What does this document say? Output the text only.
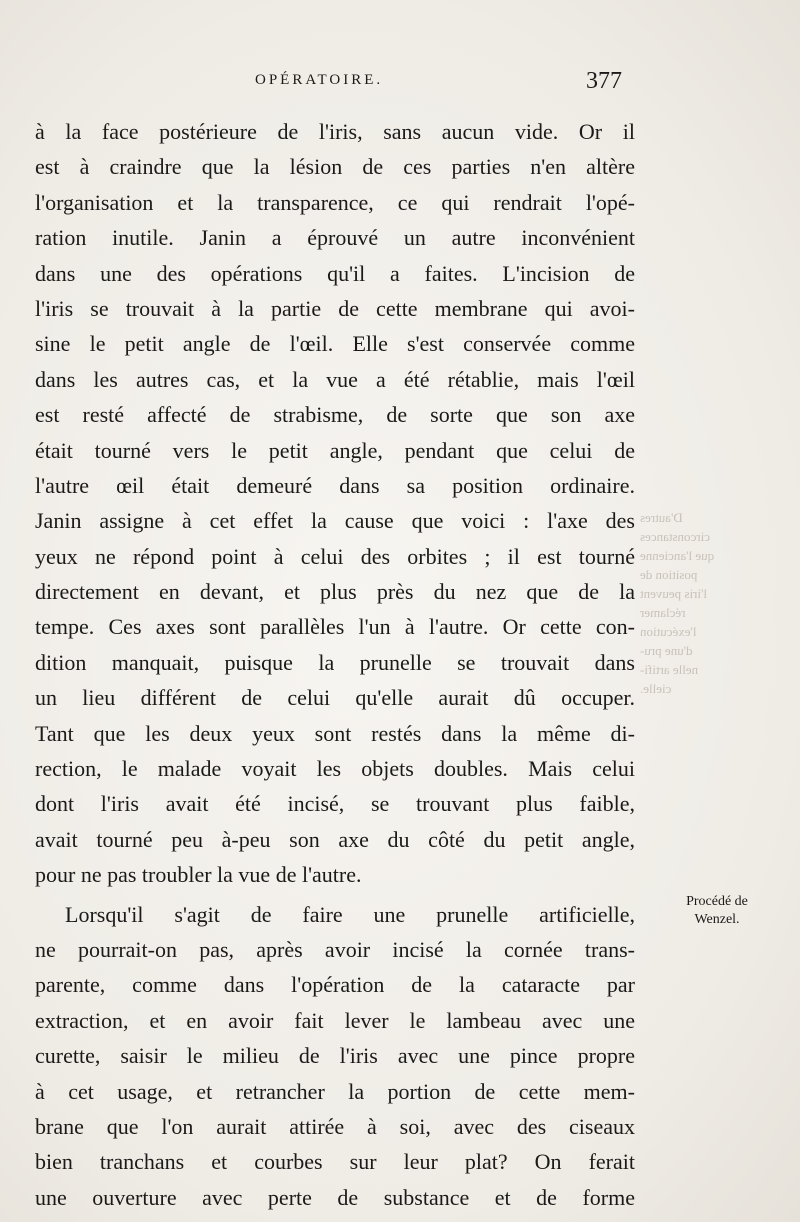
OPÉRATOIRE.	377
D'autres
circonstances
que l'ancienne
position de
l'iris peuvent
réclamer
l'exécution
d'une pru-
nelle artifi-
cielle.
à la face postérieure de l'iris, sans aucun vide. Or il
est à craindre que la lésion de ces parties n'en altère
l'organisation et la transparence, ce qui rendrait l'opé-
ration inutile. Janin a éprouvé un autre inconvénient
dans une des opérations qu'il a faites. L'incision de
l'iris se trouvait à la partie de cette membrane qui avoi-
sine le petit angle de l'œil. Elle s'est conservée comme
dans les autres cas, et la vue a été rétablie, mais l'œil
est resté affecté de strabisme, de sorte que son axe
était tourné vers le petit angle, pendant que celui de
l'autre œil était demeuré dans sa position ordinaire.
Janin assigne à cet effet la cause que voici : l'axe des
yeux ne répond point à celui des orbites ; il est tourné
directement en devant, et plus près du nez que de la
tempe. Ces axes sont parallèles l'un à l'autre. Or cette con-
dition manquait, puisque la prunelle se trouvait dans
un lieu différent de celui qu'elle aurait dû occuper.
Tant que les deux yeux sont restés dans la même di-
rection, le malade voyait les objets doubles. Mais celui
dont l'iris avait été incisé, se trouvant plus faible,
avait tourné peu à-peu son axe du côté du petit angle,
pour ne pas troubler la vue de l'autre.
Lorsqu'il s'agit de faire une prunelle artificielle,
ne pourrait-on pas, après avoir incisé la cornée trans-
parente, comme dans l'opération de la cataracte par
extraction, et en avoir fait lever le lambeau avec une
curette, saisir le milieu de l'iris avec une pince propre
à cet usage, et retrancher la portion de cette mem-
brane que l'on aurait attirée à soi, avec des ciseaux
bien tranchans et courbes sur leur plat? On ferait
une ouverture avec perte de substance et de forme
Procédé de
Wenzel.
